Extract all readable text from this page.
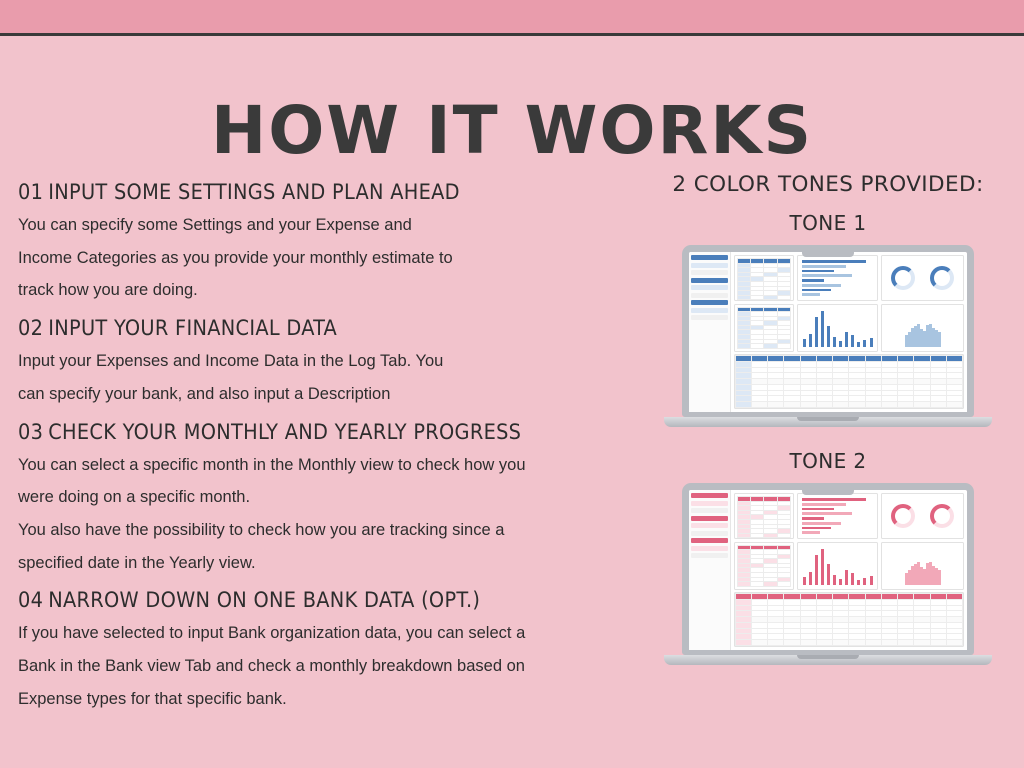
HOW IT WORKS
01 INPUT SOME SETTINGS AND PLAN AHEAD

You can specify some Settings and your Expense and

Income Categories as you provide your monthly estimate to

track how you are doing.

02 INPUT YOUR FINANCIAL DATA

Input your Expenses and Income Data in the Log Tab. You

can specify your bank, and also input a Description

03 CHECK YOUR MONTHLY AND YEARLY PROGRESS

You can select a specific month in the Monthly view to check how you

were doing on a specific month.

You also have the possibility to check how you are tracking since a

specified date in the Yearly view.

04 NARROW DOWN ON ONE BANK DATA (OPT.)

If you have selected to input Bank organization data, you can select a

Bank in the Bank view Tab and check a monthly breakdown based on

Expense types for that specific bank.

2 COLOR TONES PROVIDED:
TONE 1

TONE 2
